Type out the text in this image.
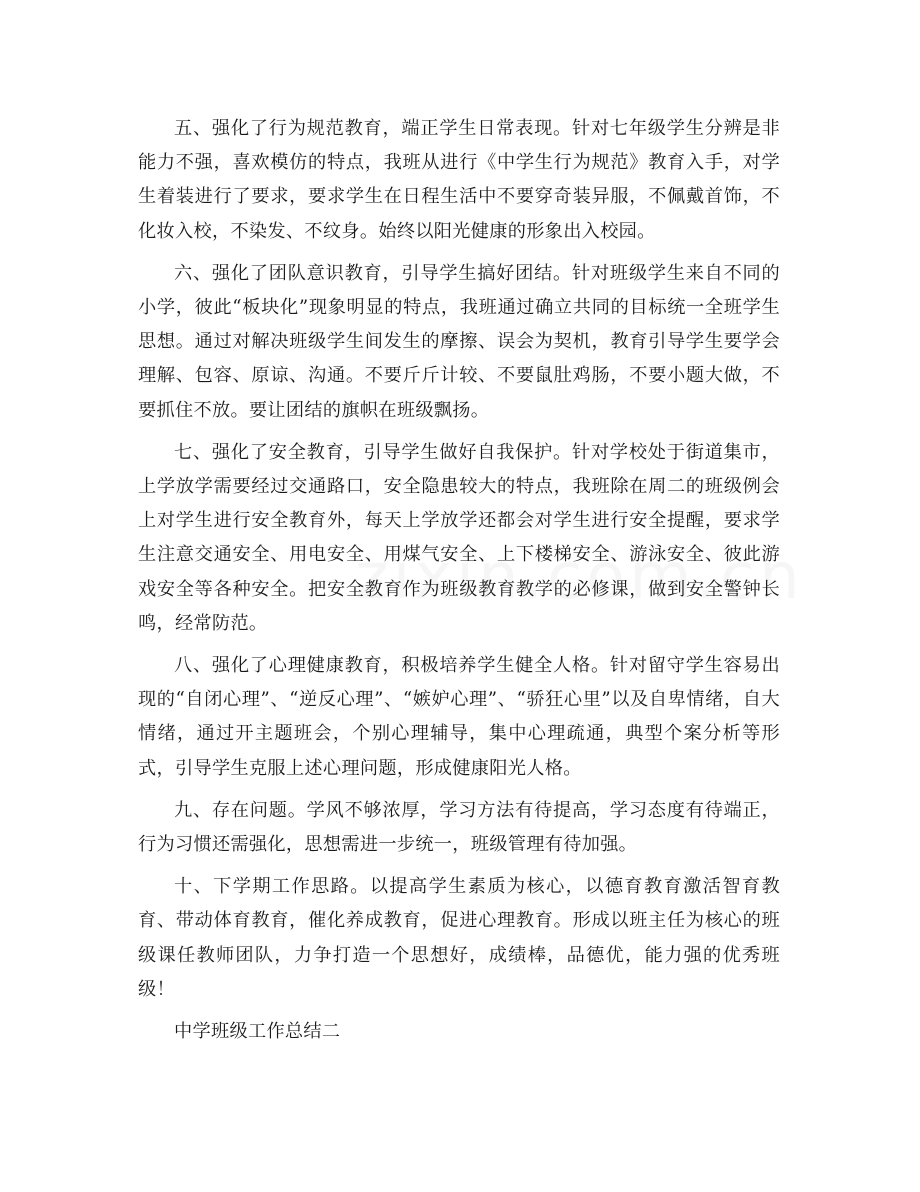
五、强化了行为规范教育，端正学生日常表现。针对七年级学生分辨是非能力不强，喜欢模仿的特点，我班从进行《中学生行为规范》教育入手，对学生着装进行了要求，要求学生在日程生活中不要穿奇装异服，不佩戴首饰，不化妆入校，不染发、不纹身。始终以阳光健康的形象出入校园。

六、强化了团队意识教育，引导学生搞好团结。针对班级学生来自不同的小学，彼此“板块化”现象明显的特点，我班通过确立共同的目标统一全班学生思想。通过对解决班级学生间发生的摩擦、误会为契机，教育引导学生要学会理解、包容、原谅、沟通。不要斤斤计较、不要鼠肚鸡肠，不要小题大做，不要抓住不放。要让团结的旗帜在班级飘扬。

七、强化了安全教育，引导学生做好自我保护。针对学校处于街道集市，上学放学需要经过交通路口，安全隐患较大的特点，我班除在周二的班级例会上对学生进行安全教育外，每天上学放学还都会对学生进行安全提醒，要求学生注意交通安全、用电安全、用煤气安全、上下楼梯安全、游泳安全、彼此游戏安全等各种安全。把安全教育作为班级教育教学的必修课，做到安全警钟长鸣，经常防范。

八、强化了心理健康教育，积极培养学生健全人格。针对留守学生容易出现的“自闭心理”、“逆反心理”、“嫉妒心理”、“骄狂心里”以及自卑情绪，自大情绪，通过开主题班会，个别心理辅导，集中心理疏通，典型个案分析等形式，引导学生克服上述心理问题，形成健康阳光人格。

九、存在问题。学风不够浓厚，学习方法有待提高，学习态度有待端正，行为习惯还需强化，思想需进一步统一，班级管理有待加强。

十、下学期工作思路。以提高学生素质为核心，以德育教育激活智育教育、带动体育教育，催化养成教育，促进心理教育。形成以班主任为核心的班级课任教师团队，力争打造一个思想好，成绩棒，品德优，能力强的优秀班级！

中学班级工作总结二
